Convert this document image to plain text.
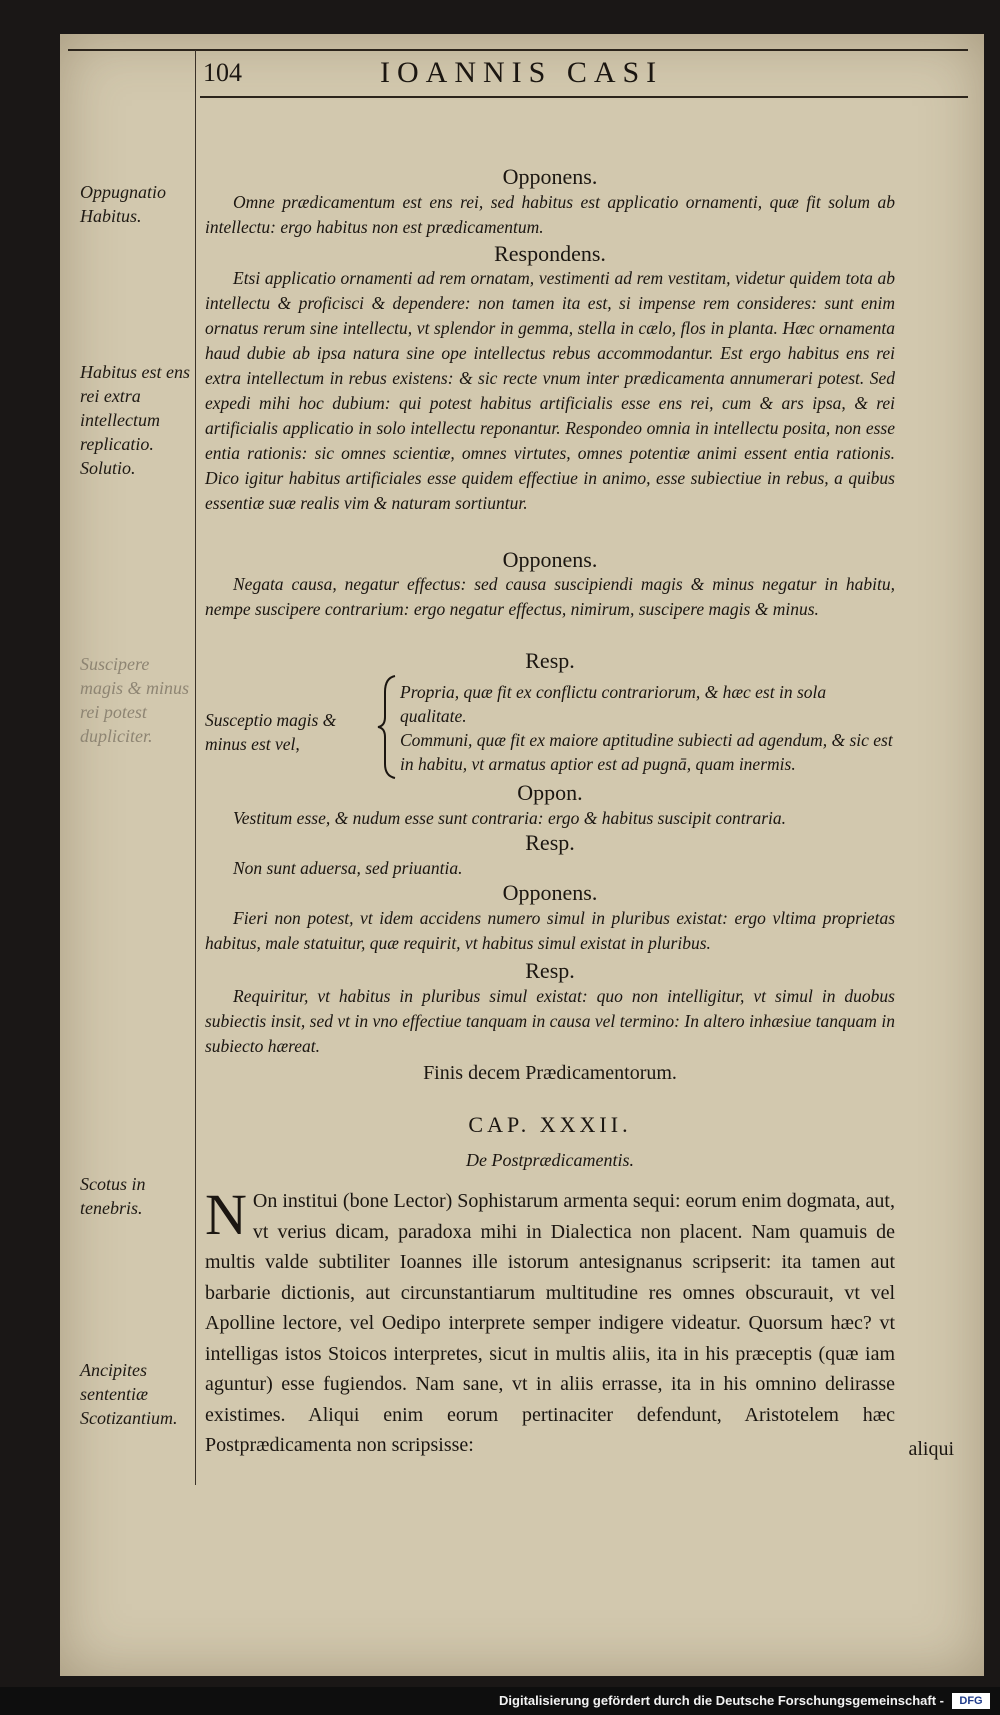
104	IOANNIS CASI
Oppugnatio Habitus.
Habitus est ens rei extra intellectum replicatio. Solutio.
Suscipere magis & minus rei potest dupliciter.
Scotus in tenebris.
Ancipites sententiæ Scotizantium.
Opponens.

Omne prædicamentum est ens rei, sed habitus est applicatio ornamenti, quæ fit solum ab intellectu: ergo habitus non est prædicamentum.

Respondens.

Etsi applicatio ornamenti ad rem ornatam, vestimenti ad rem vestitam, videtur quidem tota ab intellectu & proficisci & dependere: non tamen ita est, si impense rem consideres: sunt enim ornatus rerum sine intellectu, vt splendor in gemma, stella in cælo, flos in planta. Hæc ornamenta haud dubie ab ipsa natura sine ope intellectus rebus accommodantur. Est ergo habitus ens rei extra intellectum in rebus existens: & sic recte vnum inter prædicamenta annumerari potest. Sed expedi mihi hoc dubium: qui potest habitus artificialis esse ens rei, cum & ars ipsa, & rei artificialis applicatio in solo intellectu reponantur. Respondeo omnia in intellectu posita, non esse entia rationis: sic omnes scientiæ, omnes virtutes, omnes potentiæ animi essent entia rationis. Dico igitur habitus artificiales esse quidem effectiue in animo, esse subiectiue in rebus, a quibus essentiæ suæ realis vim & naturam sortiuntur.

Opponens.

Negata causa, negatur effectus: sed causa suscipiendi magis & minus negatur in habitu, nempe suscipere contrarium: ergo negatur effectus, nimirum, suscipere magis & minus.

Resp.
Susceptio magis & minus est vel,
Propria, quæ fit ex conflictu contrariorum, & hæc est in sola qualitate.
Communi, quæ fit ex maiore aptitudine subiecti ad agendum, & sic est in habitu, vt armatus aptior est ad pugnā, quam inermis.
Oppon.

Vestitum esse, & nudum esse sunt contraria: ergo & habitus suscipit contraria.

Resp.

Non sunt aduersa, sed priuantia.

Opponens.

Fieri non potest, vt idem accidens numero simul in pluribus existat: ergo vltima proprietas habitus, male statuitur, quæ requirit, vt habitus simul existat in pluribus.

Resp.

Requiritur, vt habitus in pluribus simul existat: quo non intelligitur, vt simul in duobus subiectis insit, sed vt in vno effectiue tanquam in causa vel termino: In altero inhæsiue tanquam in subiecto hæreat.

Finis decem Prædicamentorum.
CAP. XXXII.
De Postprædicamentis.
N On institui (bone Lector) Sophistarum armenta sequi: eorum enim dogmata, aut, vt verius dicam, paradoxa mihi in Dialectica non placent. Nam quamuis de multis valde subtiliter Ioannes ille istorum antesignanus scripserit: ita tamen aut barbarie dictionis, aut circunstantiarum multitudine res omnes obscurauit, vt vel Apolline lectore, vel Oedipo interprete semper indigere videatur. Quorsum hæc? vt intelligas istos Stoicos interpretes, sicut in multis aliis, ita in his præceptis (quæ iam aguntur) esse fugiendos. Nam sane, vt in aliis errasse, ita in his omnino delirasse existimes. Aliqui enim eorum pertinaciter defendunt, Aristotelem hæc Postprædicamenta non scripsisse:	aliqui
Digitalisierung gefördert durch die Deutsche Forschungsgemeinschaft -	DFG
